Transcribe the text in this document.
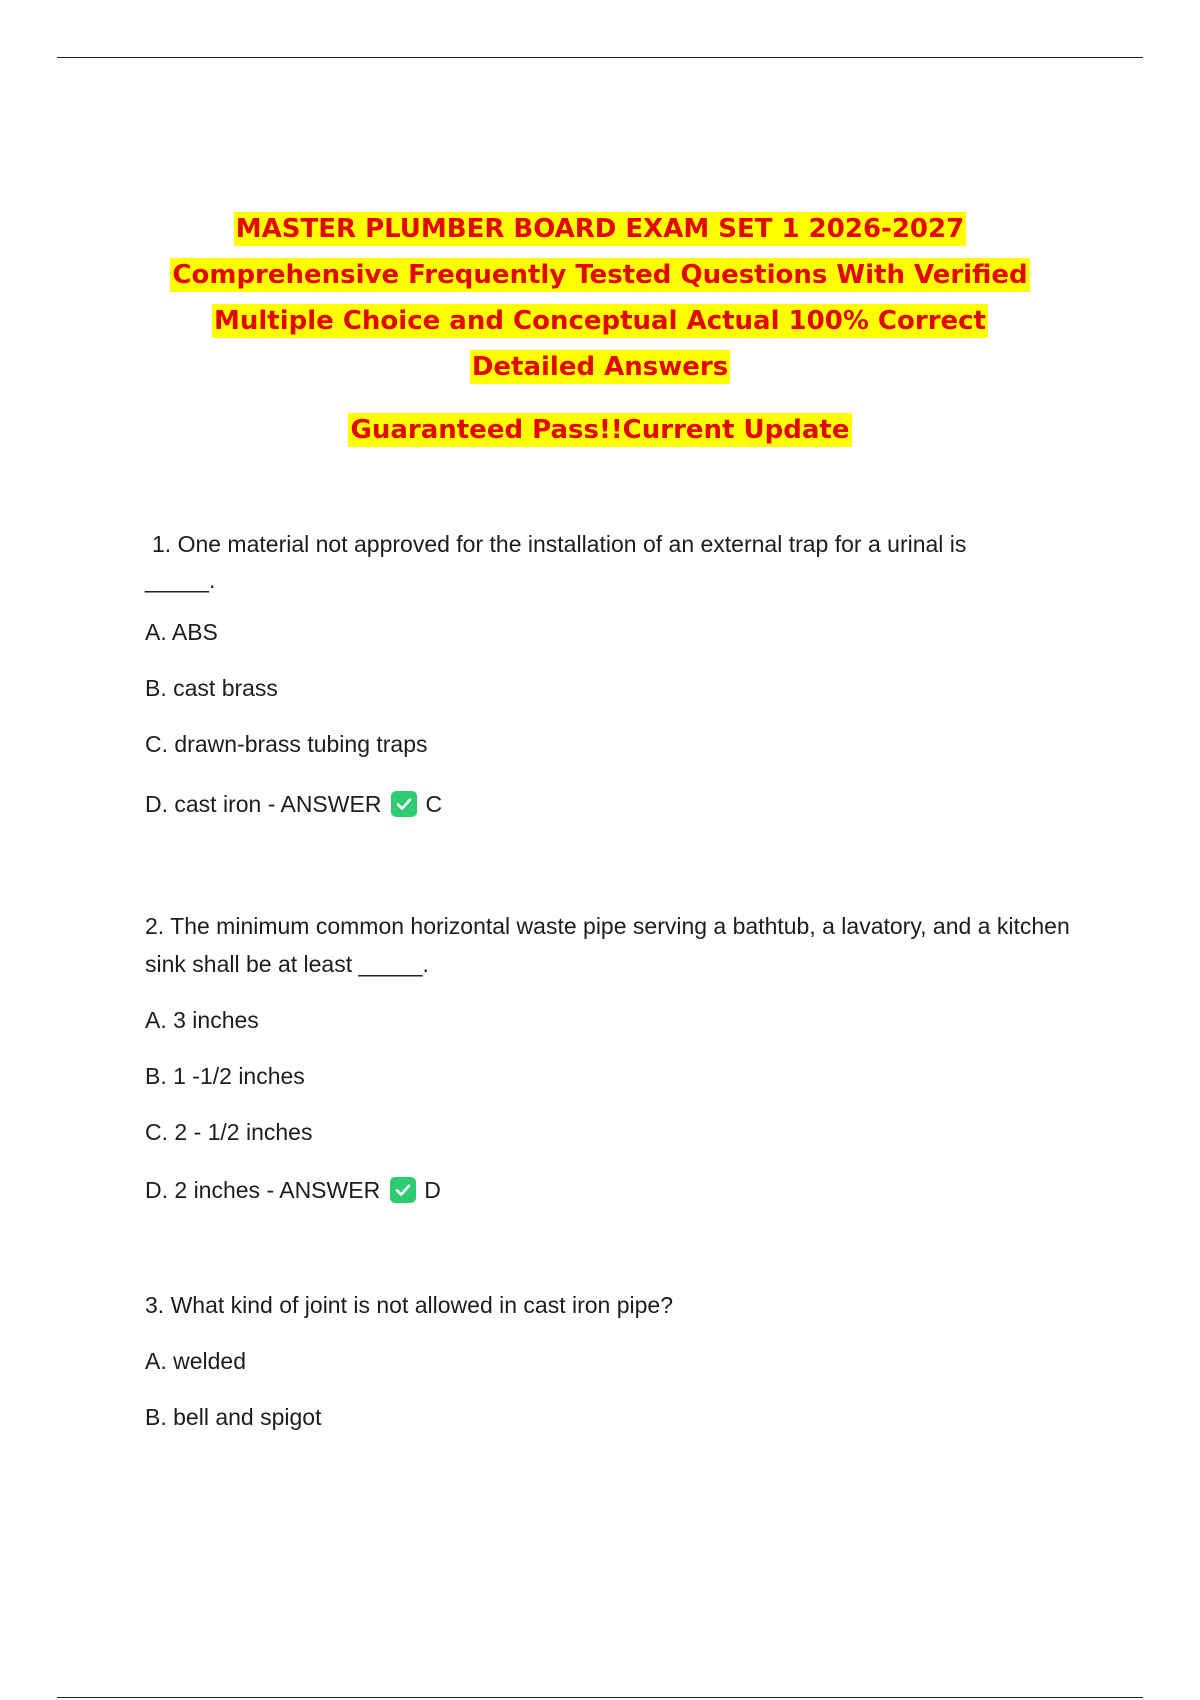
MASTER PLUMBER BOARD EXAM SET 1 2026-2027
Comprehensive Frequently Tested Questions With Verified
Multiple Choice and Conceptual Actual 100% Correct
Detailed Answers
Guaranteed Pass!!Current Update

1. One material not approved for the installation of an external trap for a urinal is

_____.

A. ABS

B. cast brass

C. drawn-brass tubing traps

D. cast iron - ANSWER C

2. The minimum common horizontal waste pipe serving a bathtub, a lavatory, and a kitchen sink shall be at least _____.

A. 3 inches

B. 1 -1/2 inches

C. 2 - 1/2 inches

D. 2 inches - ANSWER D

3. What kind of joint is not allowed in cast iron pipe?

A. welded

B. bell and spigot
